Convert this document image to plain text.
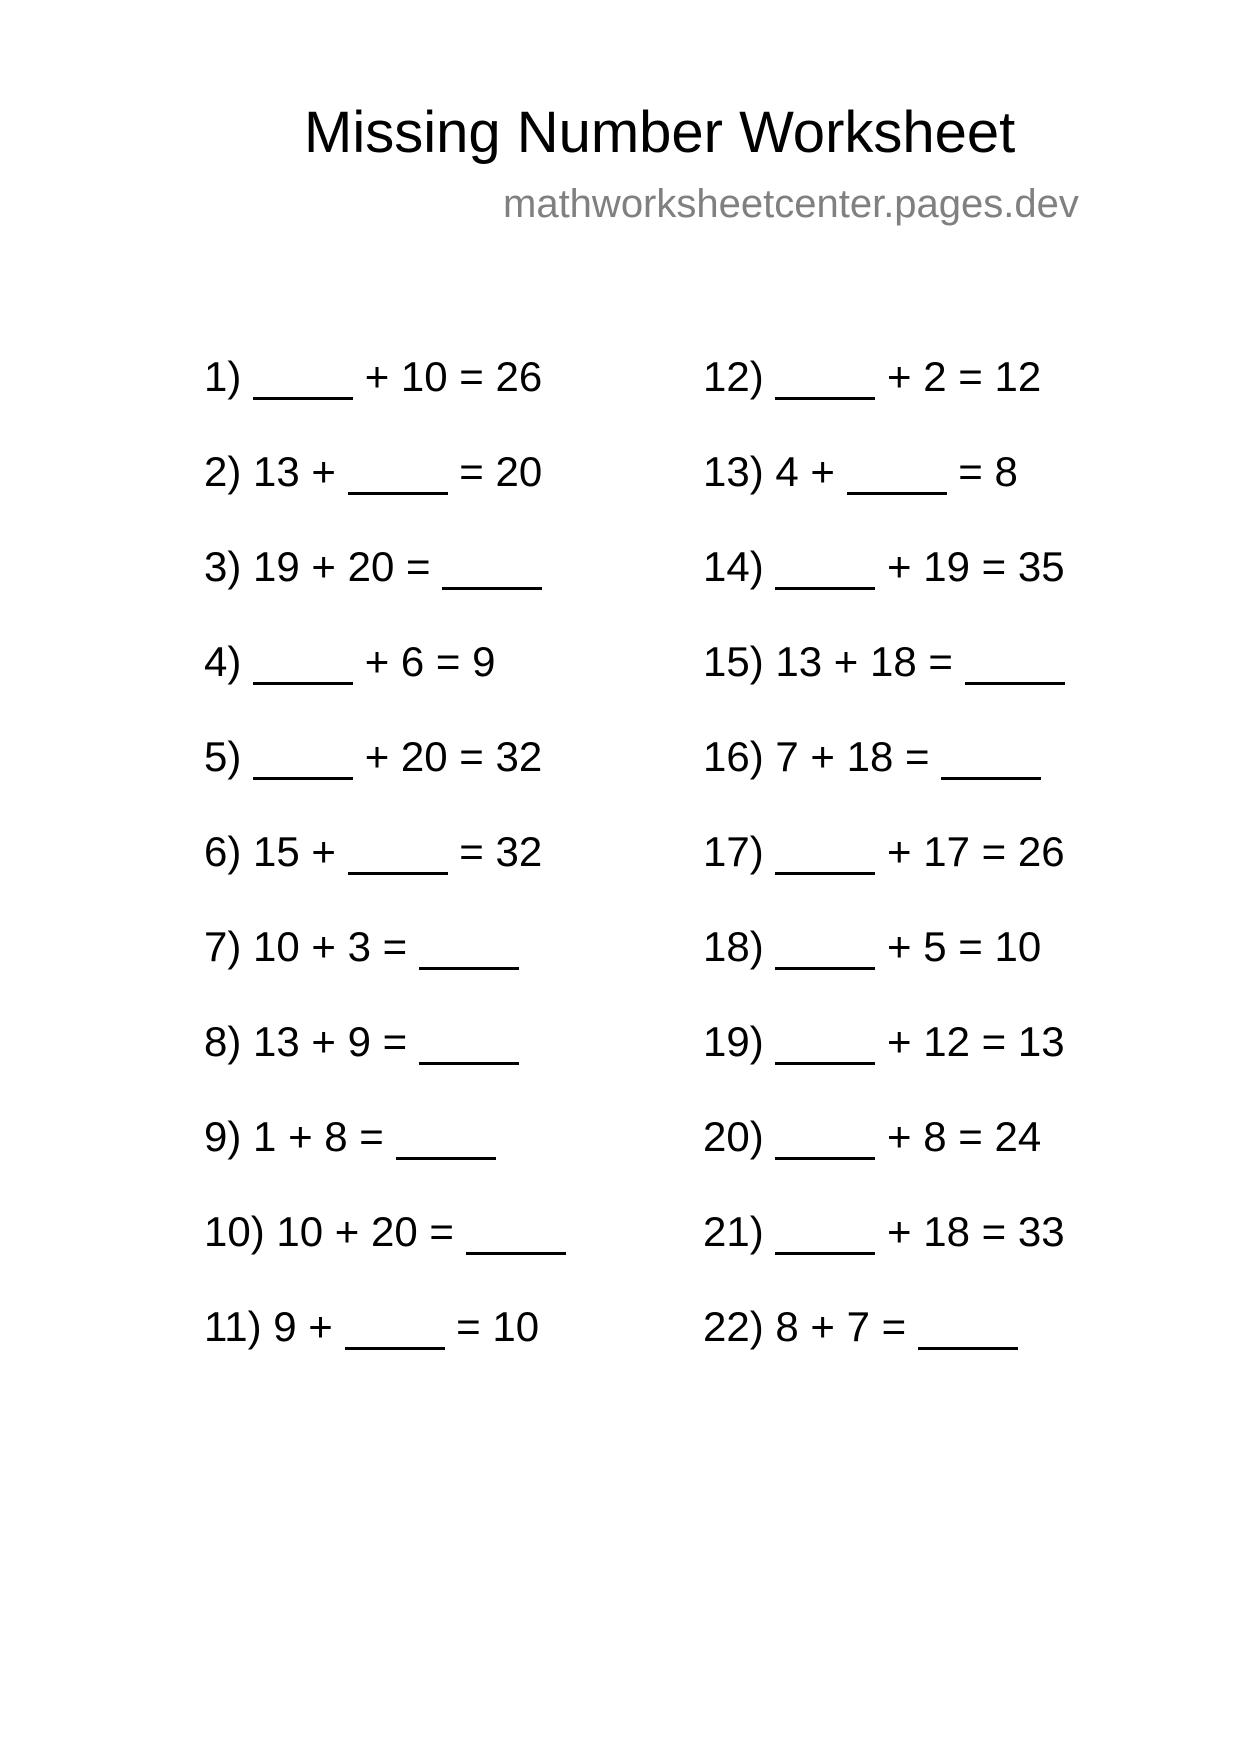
Missing Number Worksheet
mathworksheetcenter.pages.dev
1)

	+
10 = 26
2)
13
+
	= 20
3)
19
+
20 =
4)

	+
6 = 9
5)

	+
20 = 32
6)
15
+
	= 32
7)
10
+
3 =
8)
13
+
9 =
9)
1
+
8 =
10)
10
+
20 =
11)
9
+
	= 10
12)

	+
2 = 12
13)
4
+
	= 8
14)

	+
19 = 35
15)
13
+
18 =
16)
7
+
18 =
17)

	+
17 = 26
18)

	+
5 = 10
19)

	+
12 = 13
20)

	+
8 = 24
21)

	+
18 = 33
22)
8
+
7 =
